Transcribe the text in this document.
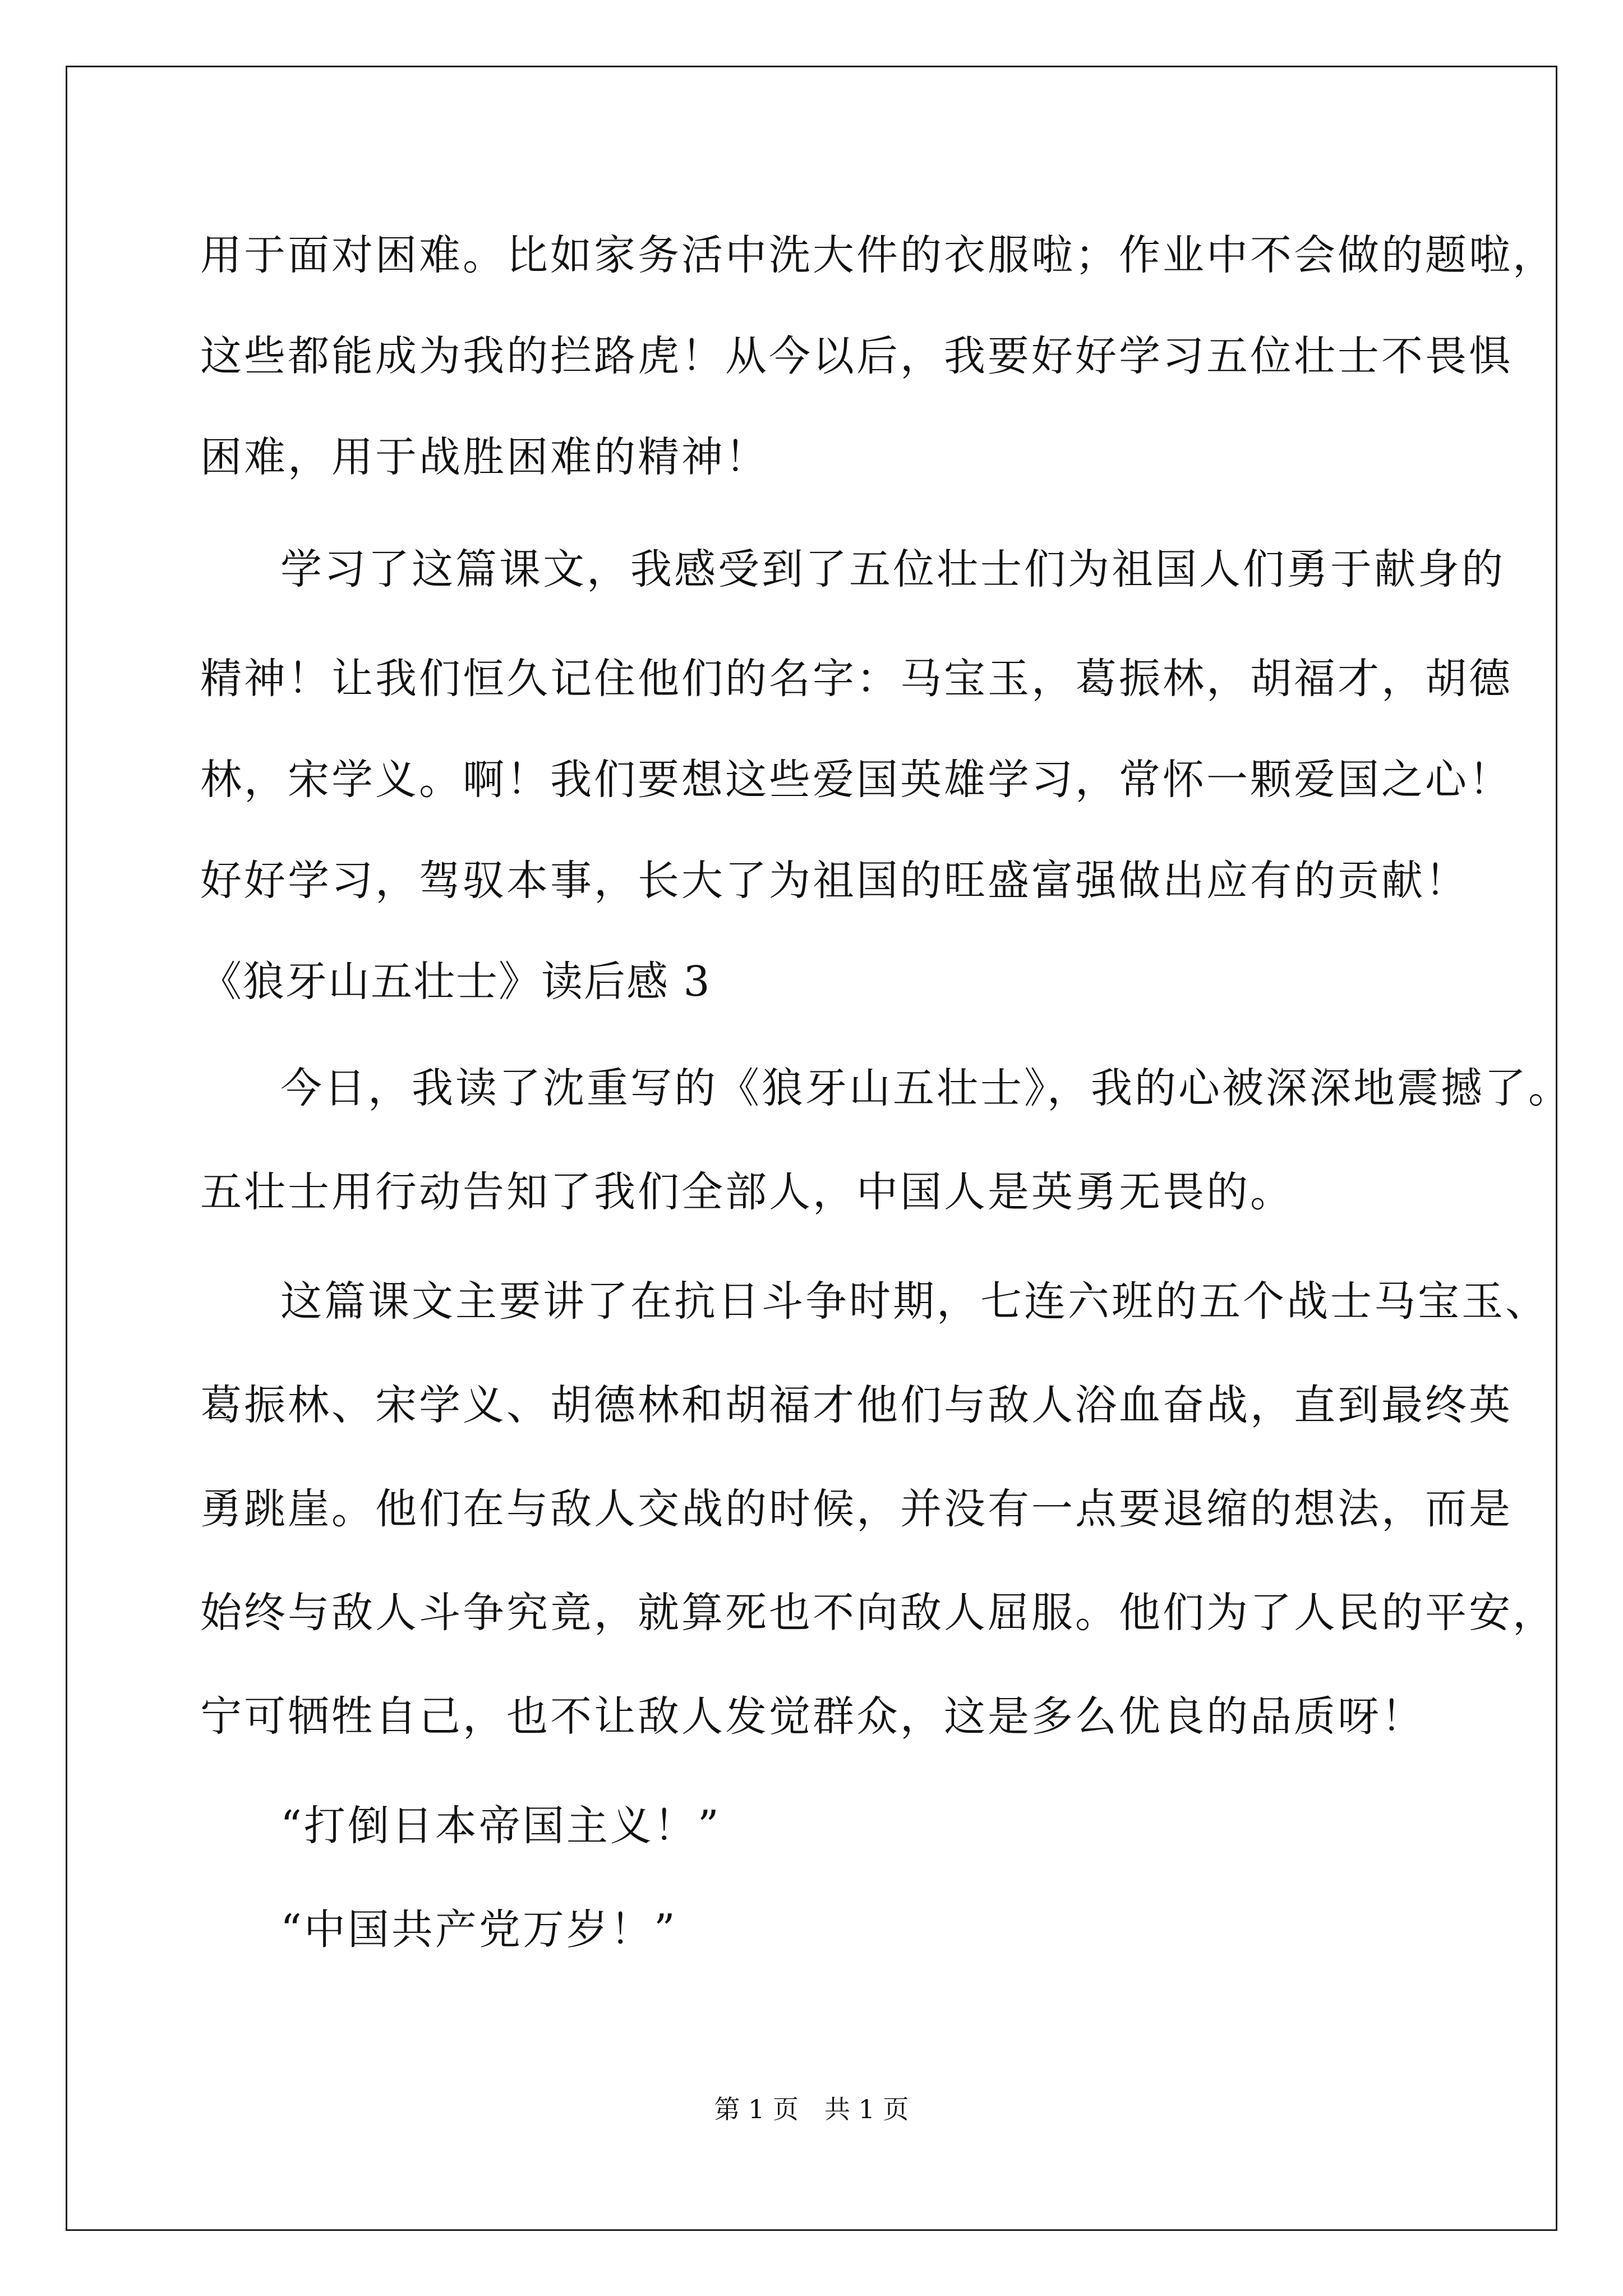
用于面对困难。比如家务活中洗大件的衣服啦；作业中不会做的题啦，
这些都能成为我的拦路虎！从今以后，我要好好学习五位壮士不畏惧
困难，用于战胜困难的精神！
学习了这篇课文，我感受到了五位壮士们为祖国人们勇于献身的
精神！让我们恒久记住他们的名字：马宝玉，葛振林，胡福才，胡德
林，宋学义。啊！我们要想这些爱国英雄学习，常怀一颗爱国之心！
好好学习，驾驭本事，长大了为祖国的旺盛富强做出应有的贡献！
《狼牙山五壮士》读后感 3
今日，我读了沈重写的《狼牙山五壮士》，我的心被深深地震撼了。
五壮士用行动告知了我们全部人，中国人是英勇无畏的。
这篇课文主要讲了在抗日斗争时期，七连六班的五个战士马宝玉、
葛振林、宋学义、胡德林和胡福才他们与敌人浴血奋战，直到最终英
勇跳崖。他们在与敌人交战的时候，并没有一点要退缩的想法，而是
始终与敌人斗争究竟，就算死也不向敌人屈服。他们为了人民的平安，
宁可牺牲自己，也不让敌人发觉群众，这是多么优良的品质呀！
“打倒日本帝国主义！”
“中国共产党万岁！”
第 1 页　共 1 页
